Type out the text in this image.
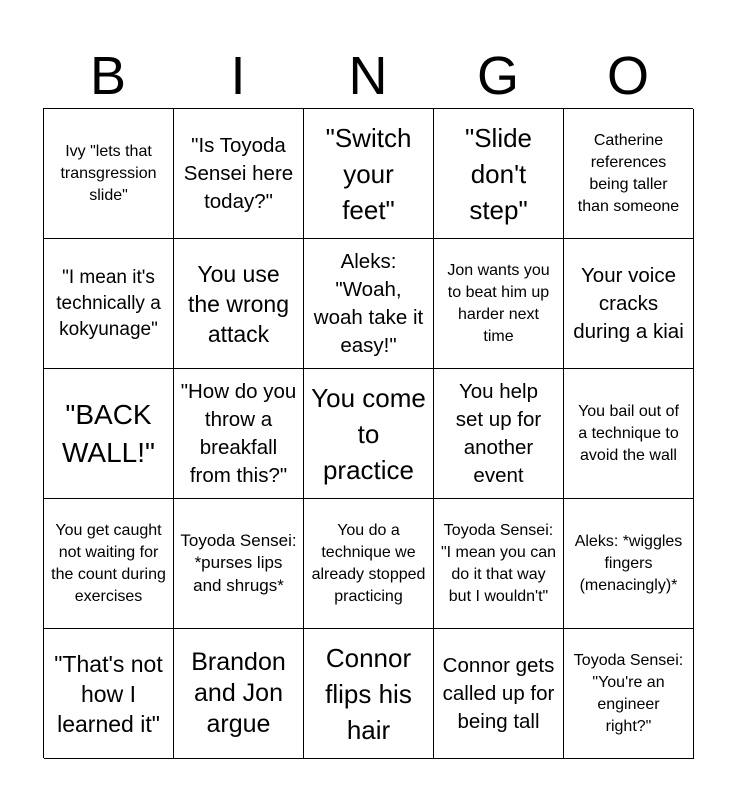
B	I	N	G	O
Ivy "lets that transgression slide"
"Is Toyoda Sensei here today?"
"Switch your feet"
"Slide don't step"
Catherine references being taller than someone
"I mean it's technically a kokyunage"
You use the wrong attack
Aleks: "Woah, woah take it easy!"
Jon wants you to beat him up harder next time
Your voice cracks during a kiai
"BACK WALL!"
"How do you throw a breakfall from this?"
You come to practice
You help set up for another event
You bail out of a technique to avoid the wall
You get caught not waiting for the count during exercises
Toyoda Sensei: *purses lips and shrugs*
You do a technique we already stopped practicing
Toyoda Sensei: "I mean you can do it that way but I wouldn't"
Aleks: *wiggles fingers (menacingly)*
"That's not how I learned it"
Brandon and Jon argue
Connor flips his hair
Connor gets called up for being tall
Toyoda Sensei: "You're an engineer right?"
